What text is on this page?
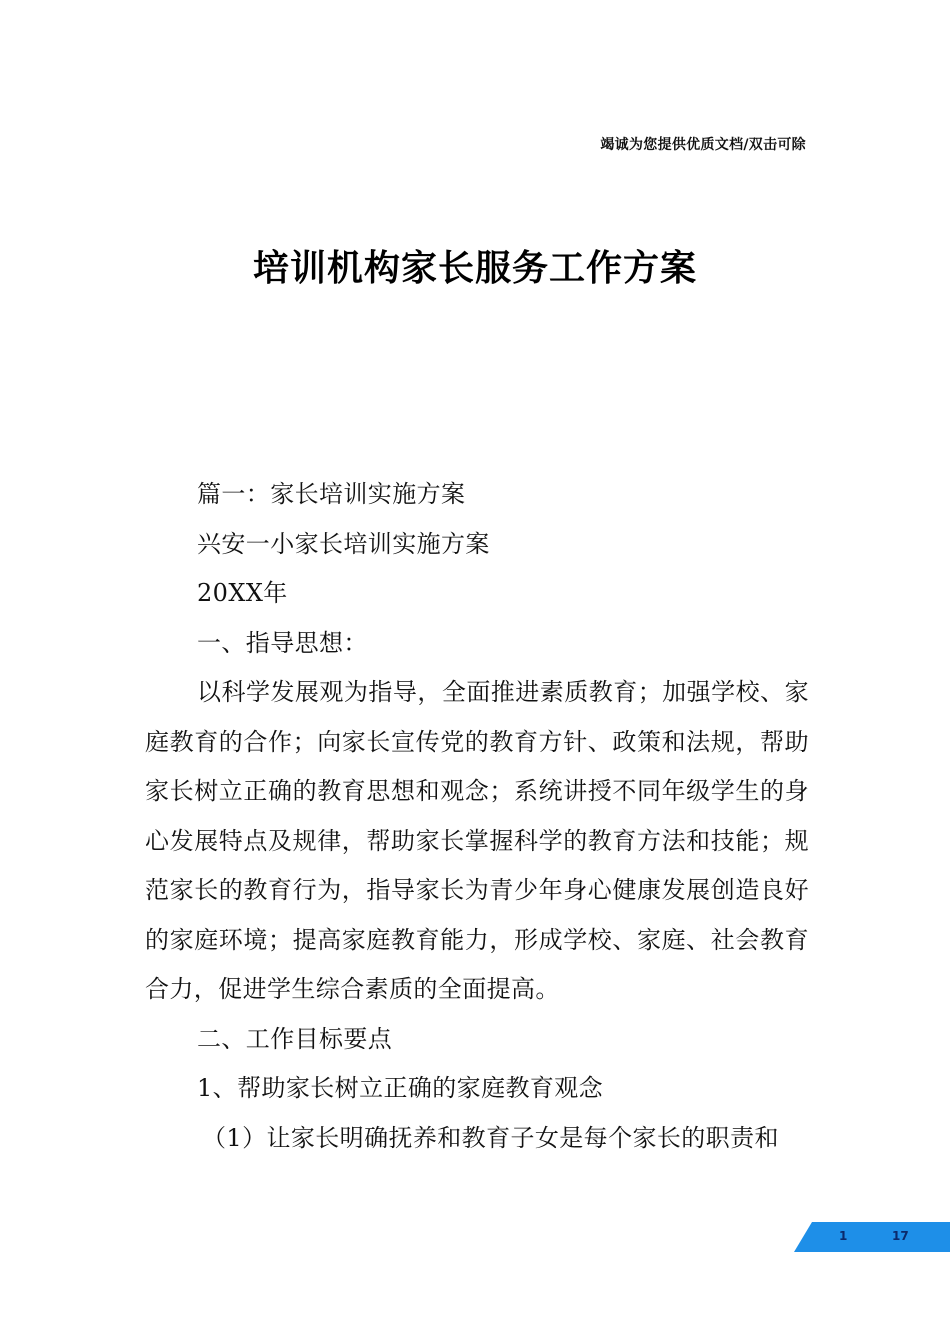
竭诚为您提供优质文档/双击可除
培训机构家长服务工作方案

篇一：家长培训实施方案

兴安一小家长培训实施方案

20XX年

一、指导思想：

以科学发展观为指导，全面推进素质教育；加强学校、家庭教育的合作；向家长宣传党的教育方针、政策和法规，帮助家长树立正确的教育思想和观念；系统讲授不同年级学生的身心发展特点及规律，帮助家长掌握科学的教育方法和技能；规范家长的教育行为，指导家长为青少年身心健康发展创造良好的家庭环境；提高家庭教育能力，形成学校、家庭、社会教育合力，促进学生综合素质的全面提高。

二、工作目标要点

1、帮助家长树立正确的家庭教育观念

（1）让家长明确抚养和教育子女是每个家长的职责和

1	17
